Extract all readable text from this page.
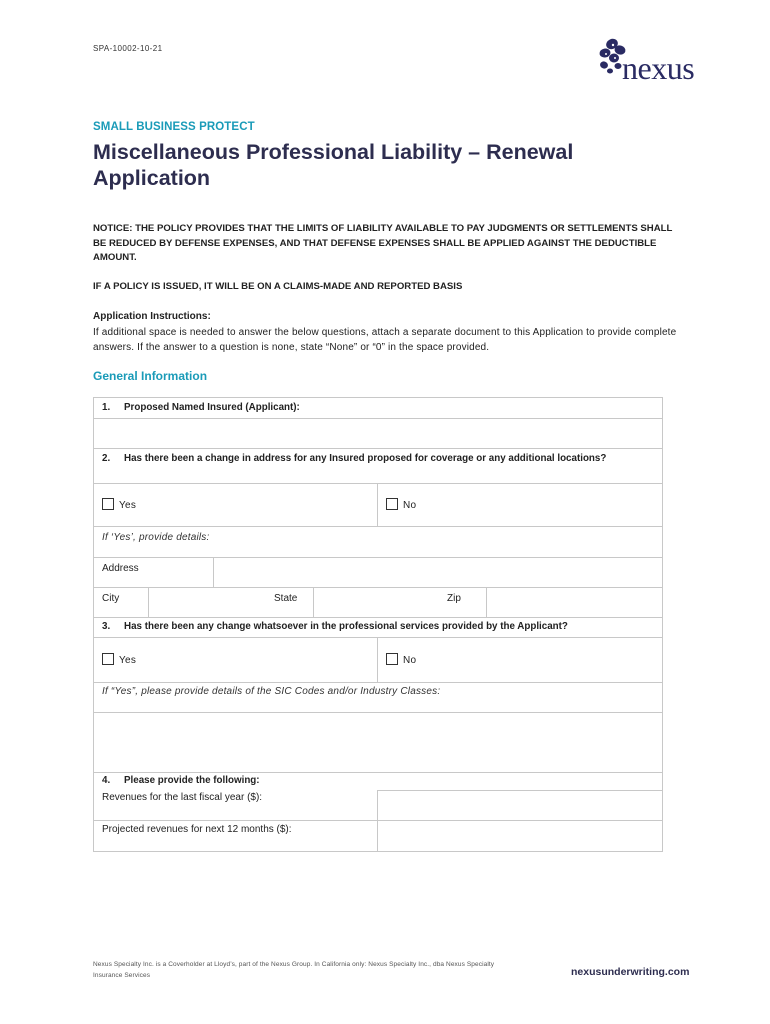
SPA-10002-10-21
nexus
SMALL BUSINESS PROTECT
Miscellaneous Professional Liability – Renewal Application
NOTICE: THE POLICY PROVIDES THAT THE LIMITS OF LIABILITY AVAILABLE TO PAY JUDGMENTS OR SETTLEMENTS SHALL BE REDUCED BY DEFENSE EXPENSES, AND THAT DEFENSE EXPENSES SHALL BE APPLIED AGAINST THE DEDUCTIBLE AMOUNT.
IF A POLICY IS ISSUED, IT WILL BE ON A CLAIMS-MADE AND REPORTED BASIS
Application Instructions:
If additional space is needed to answer the below questions, attach a separate document to this Application to provide complete answers. If the answer to a question is none, state “None” or “0” in the space provided.
General Information
1. Proposed Named Insured (Applicant):
2.	Has there been a change in address for any Insured proposed for coverage or any additional locations?
Yes	No
If ‘Yes’, provide details:
Address
City	State	Zip
3. Has there been any change whatsoever in the professional services provided by the Applicant?
Yes	No
If “Yes”, please provide details of the SIC Codes and/or Industry Classes:
4. Please provide the following:
Revenues for the last fiscal year ($):
Projected revenues for next 12 months ($):
Nexus Specialty Inc. is a Coverholder at Lloyd’s, part of the Nexus Group. In California only: Nexus Specialty Inc., dba Nexus Specialty Insurance Services	nexusunderwriting.com
